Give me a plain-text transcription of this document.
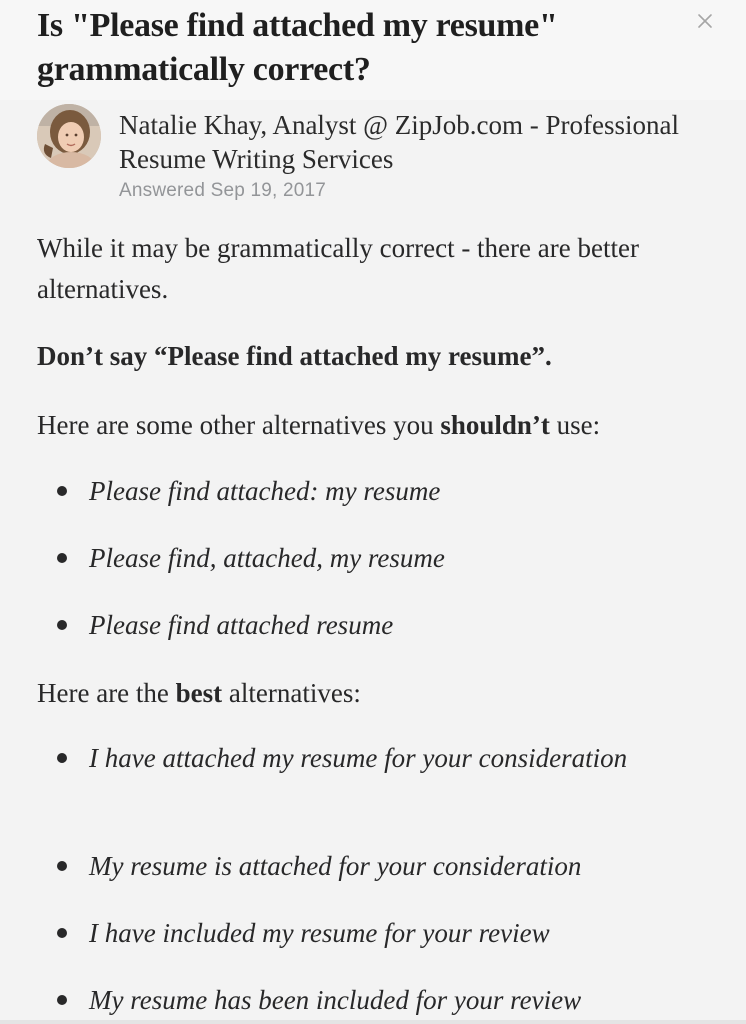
Is "Please find attached my resume" grammatically correct?
Natalie Khay, Analyst @ ZipJob.com - Professional Resume Writing Services
Answered Sep 19, 2017

While it may be grammatically correct - there are better alternatives.

Don’t say “Please find attached my resume”.

Here are some other alternatives you shouldn’t use:

Please find attached: my resume
Please find, attached, my resume
Please find attached resume

Here are the best alternatives:

I have attached my resume for your consideration
My resume is attached for your consideration
I have included my resume for your review
My resume has been included for your review
